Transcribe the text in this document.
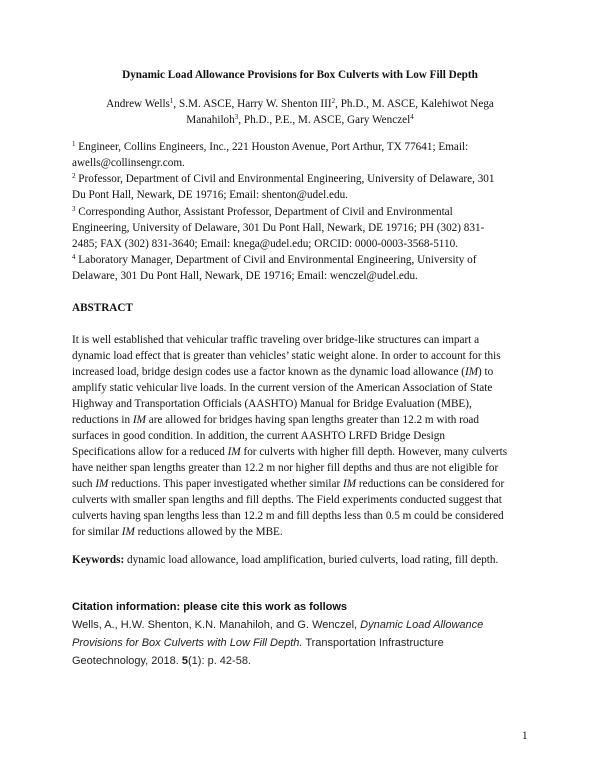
Dynamic Load Allowance Provisions for Box Culverts with Low Fill Depth
Andrew Wells$^1$, S.M. ASCE, Harry W. Shenton III$^2$, Ph.D., M. ASCE, Kalehiwot Nega
Manahiloh$^3$, Ph.D., P.E., M. ASCE, Gary Wenczel$^4$
$^1$ Engineer, Collins Engineers, Inc., 221 Houston Avenue, Port Arthur, TX 77641; Email:
awells@collinsengr.com.
$^2$ Professor, Department of Civil and Environmental Engineering, University of Delaware, 301
Du Pont Hall, Newark, DE 19716; Email: shenton@udel.edu.
$^3$ Corresponding Author, Assistant Professor, Department of Civil and Environmental
Engineering, University of Delaware, 301 Du Pont Hall, Newark, DE 19716; PH (302) 831-
2485; FAX (302) 831-3640; Email: knega@udel.edu; ORCID: 0000-0003-3568-5110.
$^4$ Laboratory Manager, Department of Civil and Environmental Engineering, University of
Delaware, 301 Du Pont Hall, Newark, DE 19716; Email: wenczel@udel.edu.
ABSTRACT
It is well established that vehicular traffic traveling over bridge-like structures can impart a
dynamic load effect that is greater than vehicles’ static weight alone. In order to account for this
increased load, bridge design codes use a factor known as the dynamic load allowance (IM) to
amplify static vehicular live loads. In the current version of the American Association of State
Highway and Transportation Officials (AASHTO) Manual for Bridge Evaluation (MBE),
reductions in IM are allowed for bridges having span lengths greater than 12.2 m with road
surfaces in good condition. In addition, the current AASHTO LRFD Bridge Design
Specifications allow for a reduced IM for culverts with higher fill depth. However, many culverts
have neither span lengths greater than 12.2 m nor higher fill depths and thus are not eligible for
such IM reductions. This paper investigated whether similar IM reductions can be considered for
culverts with smaller span lengths and fill depths. The Field experiments conducted suggest that
culverts having span lengths less than 12.2 m and fill depths less than 0.5 m could be considered
for similar IM reductions allowed by the MBE.
Keywords: dynamic load allowance, load amplification, buried culverts, load rating, fill depth.
Citation information: please cite this work as follows
Wells, A., H.W. Shenton, K.N. Manahiloh, and G. Wenczel, Dynamic Load Allowance
Provisions for Box Culverts with Low Fill Depth. Transportation Infrastructure
Geotechnology, 2018. 5(1): p. 42-58.
1
